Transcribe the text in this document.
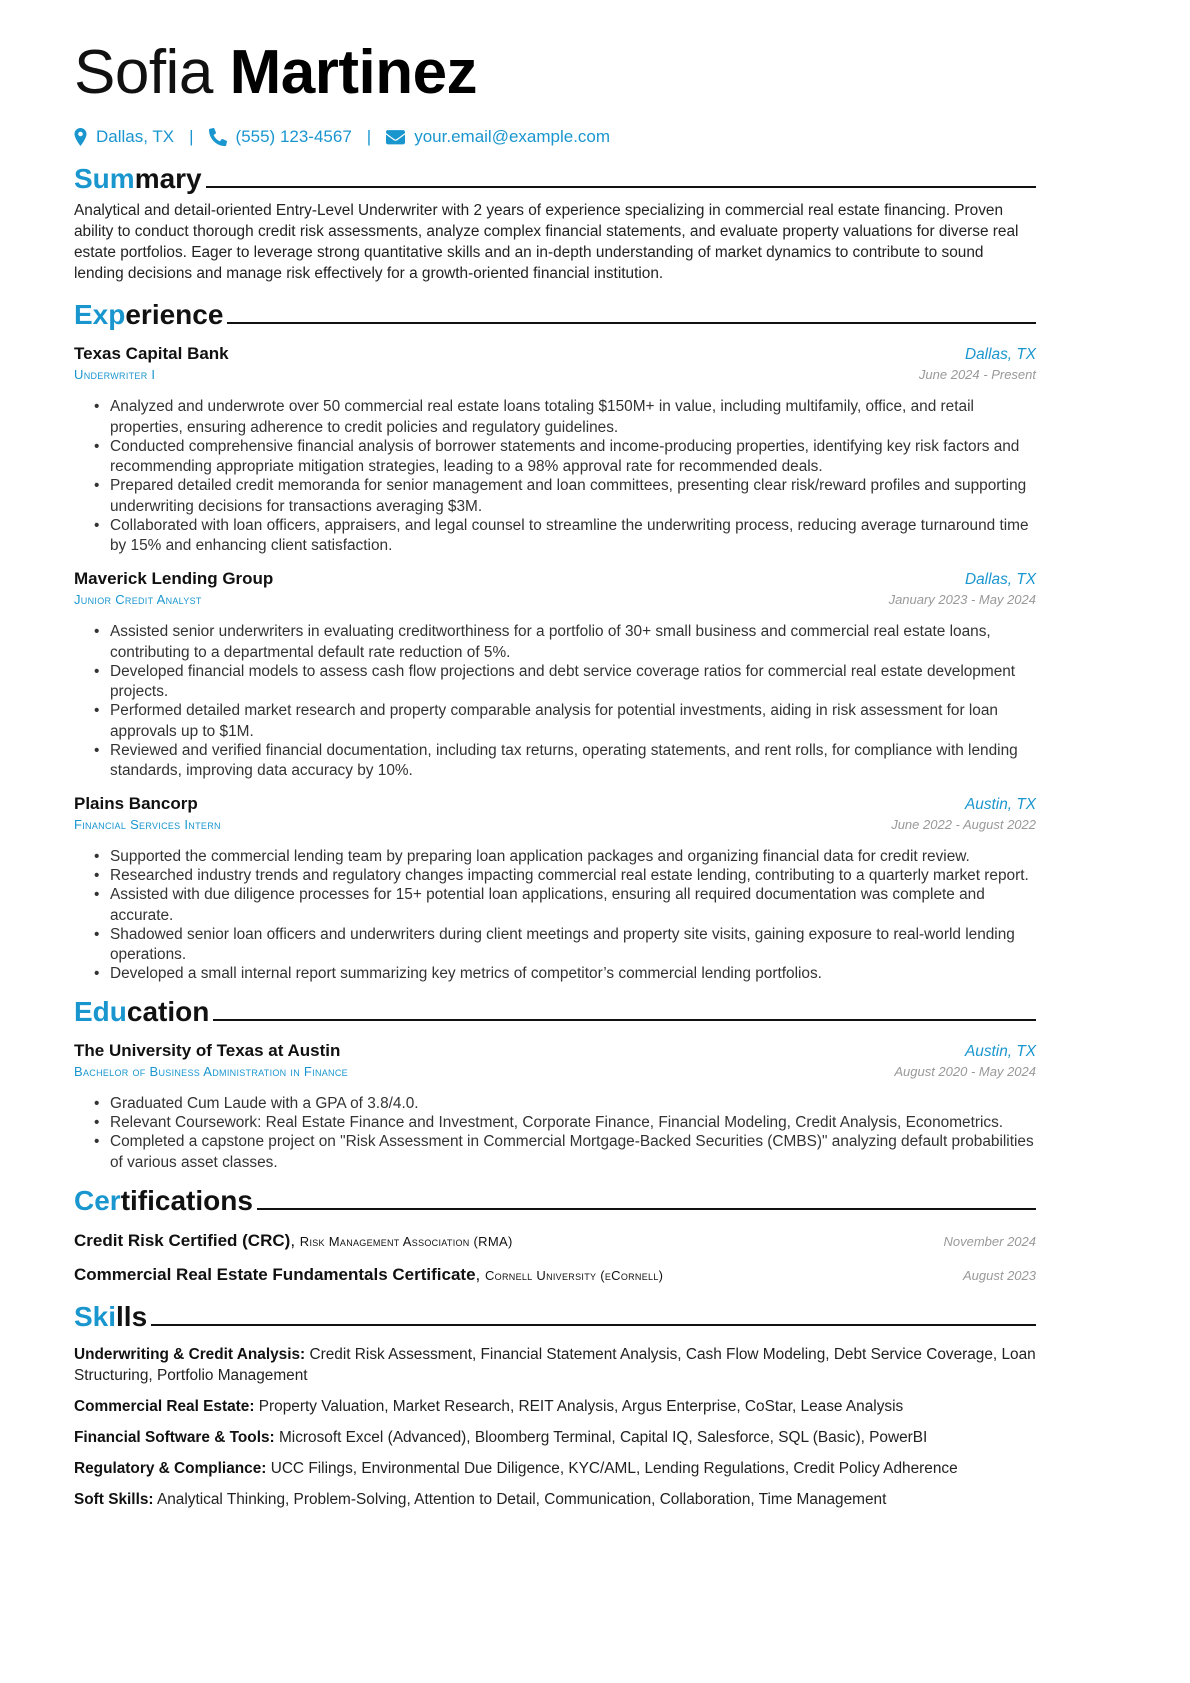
Sofia Martinez
Dallas, TX | (555) 123-4567 |	your.email@example.com
Summary

Analytical and detail-oriented Entry-Level Underwriter with 2 years of experience specializing in commercial real estate financing. Proven ability to conduct thorough credit risk assessments, analyze complex financial statements, and evaluate property valuations for diverse real estate portfolios. Eager to leverage strong quantitative skills and an in-depth understanding of market dynamics to contribute to sound lending decisions and manage risk effectively for a growth-oriented financial institution.

Experience
Texas Capital Bank	Dallas, TX
Underwriter I	June 2024 - Present
• Analyzed and underwrote over 50 commercial real estate loans totaling $150M+ in value, including multifamily, office, and retail properties, ensuring adherence to credit policies and regulatory guidelines.
• Conducted comprehensive financial analysis of borrower statements and income-producing properties, identifying key risk factors and recommending appropriate mitigation strategies, leading to a 98% approval rate for recommended deals.
• Prepared detailed credit memoranda for senior management and loan committees, presenting clear risk/reward profiles and supporting underwriting decisions for transactions averaging $3M.
• Collaborated with loan officers, appraisers, and legal counsel to streamline the underwriting process, reducing average turnaround time by 15% and enhancing client satisfaction.
Maverick Lending Group	Dallas, TX
Junior Credit Analyst	January 2023 - May 2024
• Assisted senior underwriters in evaluating creditworthiness for a portfolio of 30+ small business and commercial real estate loans, contributing to a departmental default rate reduction of 5%.
• Developed financial models to assess cash flow projections and debt service coverage ratios for commercial real estate development projects.
• Performed detailed market research and property comparable analysis for potential investments, aiding in risk assessment for loan approvals up to $1M.
• Reviewed and verified financial documentation, including tax returns, operating statements, and rent rolls, for compliance with lending standards, improving data accuracy by 10%.
Plains Bancorp	Austin, TX
Financial Services Intern	June 2022 - August 2022
• Supported the commercial lending team by preparing loan application packages and organizing financial data for credit review.
• Researched industry trends and regulatory changes impacting commercial real estate lending, contributing to a quarterly market report.
• Assisted with due diligence processes for 15+ potential loan applications, ensuring all required documentation was complete and accurate.
• Shadowed senior loan officers and underwriters during client meetings and property site visits, gaining exposure to real-world lending operations.
• Developed a small internal report summarizing key metrics of competitor’s commercial lending portfolios.
Education
The University of Texas at Austin	Austin, TX
Bachelor of Business Administration in Finance	August 2020 - May 2024
• Graduated Cum Laude with a GPA of 3.8/4.0.
• Relevant Coursework: Real Estate Finance and Investment, Corporate Finance, Financial Modeling, Credit Analysis, Econometrics.
• Completed a capstone project on "Risk Assessment in Commercial Mortgage-Backed Securities (CMBS)" analyzing default probabilities of various asset classes.
Certifications
Credit Risk Certified (CRC), Risk Management Association (RMA)	November 2024
Commercial Real Estate Fundamentals Certificate, Cornell University (eCornell)	August 2023
Skills

Underwriting & Credit Analysis: Credit Risk Assessment, Financial Statement Analysis, Cash Flow Modeling, Debt Service Coverage, Loan Structuring, Portfolio Management

Commercial Real Estate: Property Valuation, Market Research, REIT Analysis, Argus Enterprise, CoStar, Lease Analysis

Financial Software & Tools: Microsoft Excel (Advanced), Bloomberg Terminal, Capital IQ, Salesforce, SQL (Basic), PowerBI

Regulatory & Compliance: UCC Filings, Environmental Due Diligence, KYC/AML, Lending Regulations, Credit Policy Adherence

Soft Skills: Analytical Thinking, Problem-Solving, Attention to Detail, Communication, Collaboration, Time Management
